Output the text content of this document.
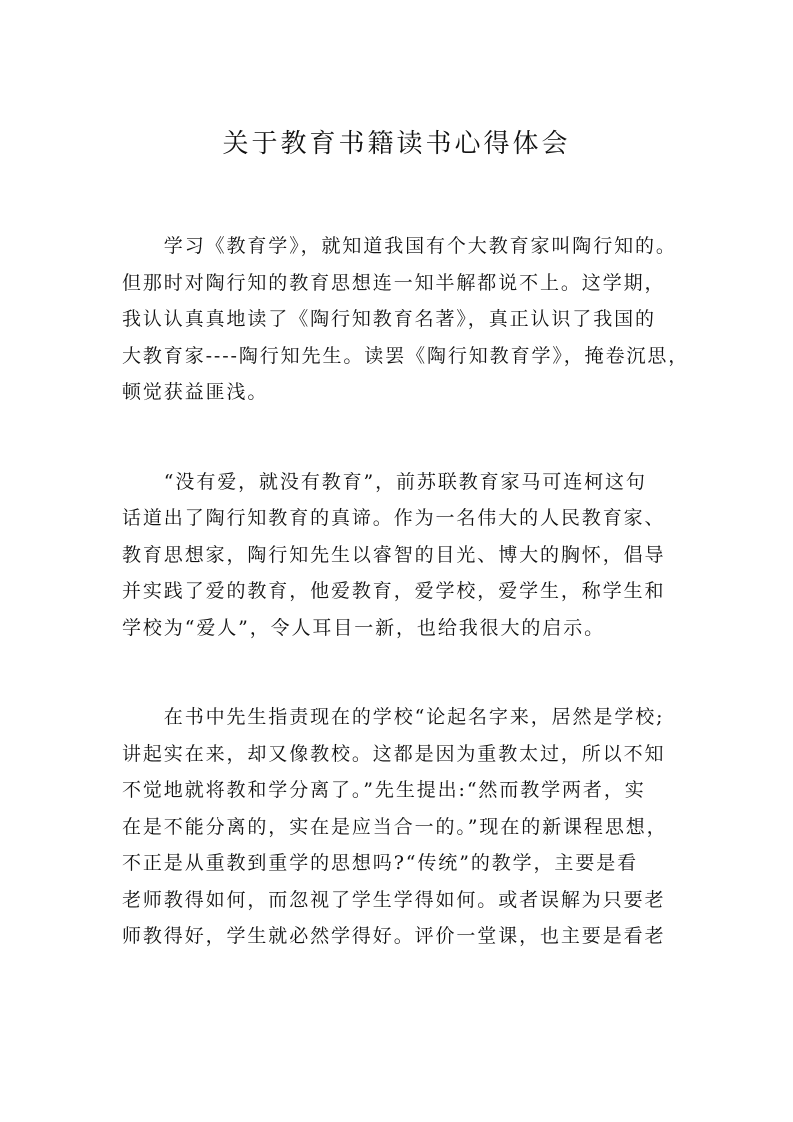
关于教育书籍读书心得体会

　　学习《教育学》，就知道我国有个大教育家叫陶行知的。
但那时对陶行知的教育思想连一知半解都说不上。这学期，
我认认真真地读了《陶行知教育名著》，真正认识了我国的
大教育家----陶行知先生。读罢《陶行知教育学》，掩卷沉思，
顿觉获益匪浅。

　　“没有爱，就没有教育”，前苏联教育家马可连柯这句
话道出了陶行知教育的真谛。作为一名伟大的人民教育家、
教育思想家，陶行知先生以睿智的目光、博大的胸怀，倡导
并实践了爱的教育，他爱教育，爱学校，爱学生，称学生和
学校为“爱人”，令人耳目一新，也给我很大的启示。

　　在书中先生指责现在的学校“论起名字来，居然是学校;
讲起实在来，却又像教校。这都是因为重教太过，所以不知
不觉地就将教和学分离了。”先生提出:“然而教学两者，实
在是不能分离的，实在是应当合一的。”现在的新课程思想，
不正是从重教到重学的思想吗?“传统”的教学，主要是看
老师教得如何，而忽视了学生学得如何。或者误解为只要老
师教得好，学生就必然学得好。评价一堂课，也主要是看老
